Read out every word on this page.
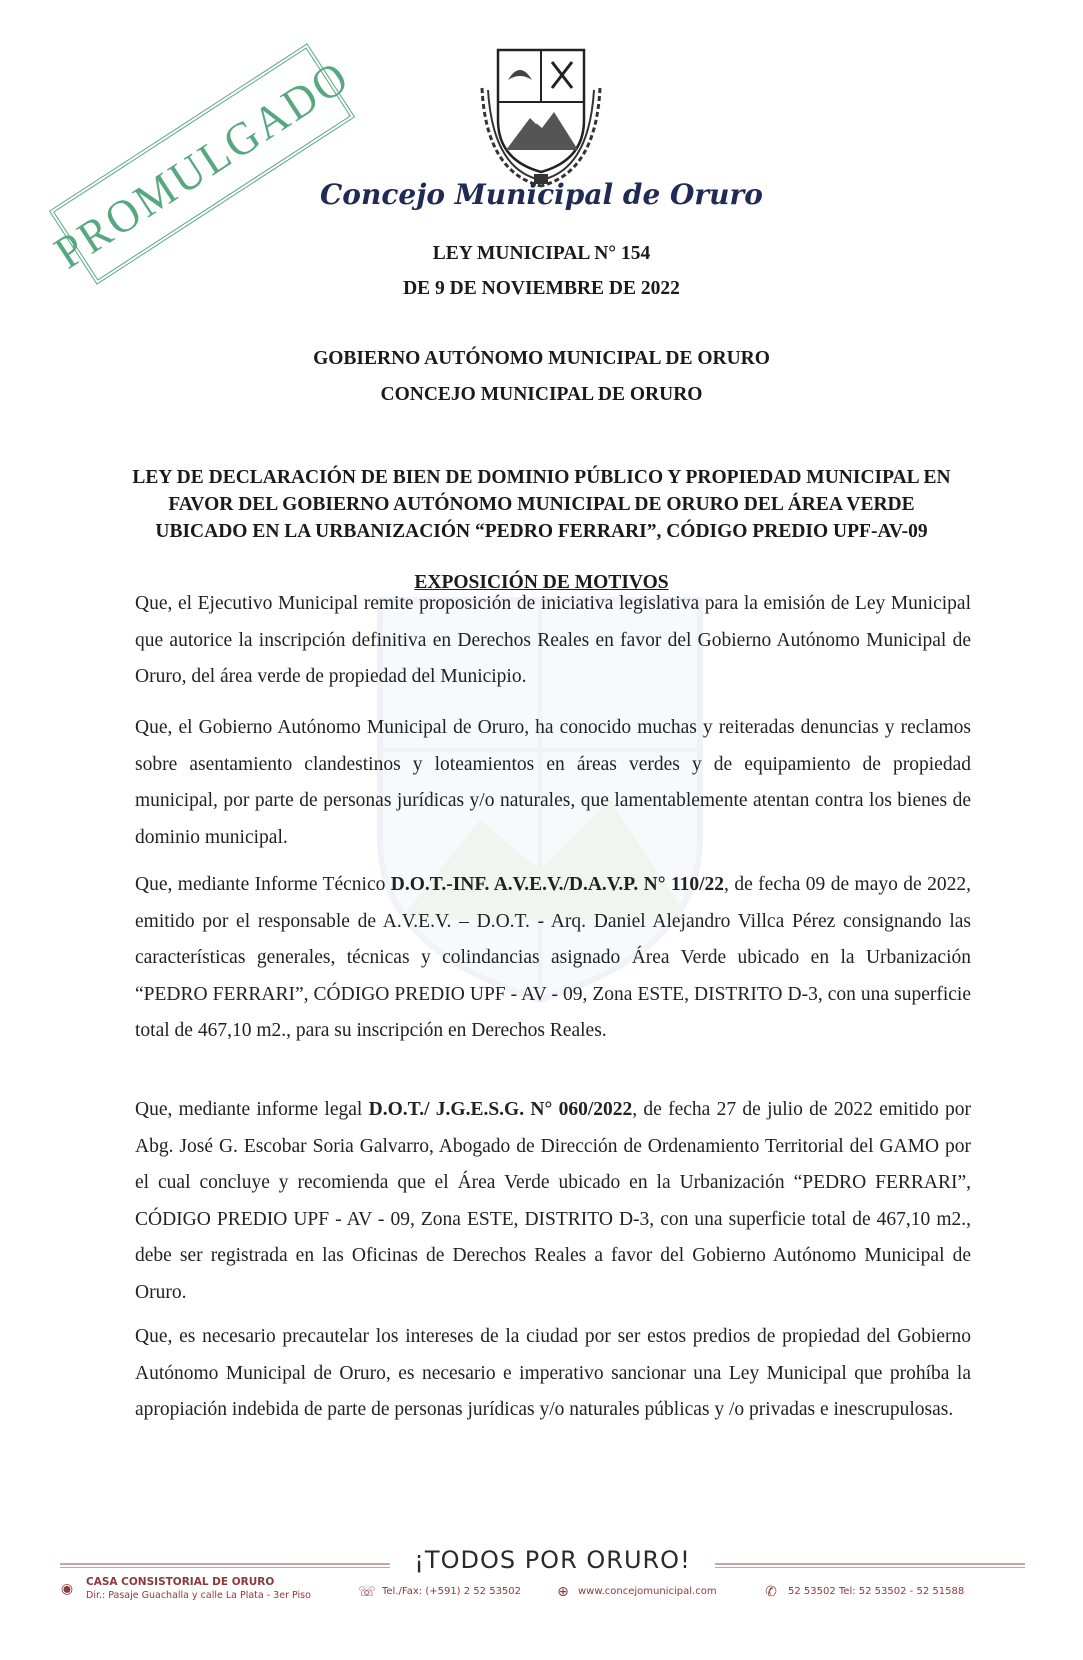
PROMULGADO
Concejo Municipal de Oruro
LEY MUNICIPAL N° 154
DE 9 DE NOVIEMBRE DE 2022
GOBIERNO AUTÓNOMO MUNICIPAL DE ORURO
CONCEJO MUNICIPAL DE ORURO
LEY DE DECLARACIÓN DE BIEN DE DOMINIO PÚBLICO Y PROPIEDAD MUNICIPAL EN
FAVOR DEL GOBIERNO AUTÓNOMO MUNICIPAL DE ORURO DEL ÁREA VERDE
UBICADO EN LA URBANIZACIÓN “PEDRO FERRARI”, CÓDIGO PREDIO UPF-AV-09
EXPOSICIÓN DE MOTIVOS
Que, el Ejecutivo Municipal remite proposición de iniciativa legislativa para la emisión de Ley Municipal que autorice la inscripción definitiva en Derechos Reales en favor del Gobierno Autónomo Municipal de Oruro, del área verde de propiedad del Municipio.
Que, el Gobierno Autónomo Municipal de Oruro, ha conocido muchas y reiteradas denuncias y reclamos sobre asentamiento clandestinos y loteamientos en áreas verdes y de equipamiento de propiedad municipal, por parte de personas jurídicas y/o naturales, que lamentablemente atentan contra los bienes de dominio municipal.
Que, mediante Informe Técnico D.O.T.-INF. A.V.E.V./D.A.V.P. N° 110/22, de fecha 09 de mayo de 2022, emitido por el responsable de A.V.E.V. – D.O.T. - Arq. Daniel Alejandro Villca Pérez consignando las características generales, técnicas y colindancias asignado Área Verde ubicado en la Urbanización “PEDRO FERRARI”, CÓDIGO PREDIO UPF - AV - 09, Zona ESTE, DISTRITO D-3, con una superficie total de 467,10 m2., para su inscripción en Derechos Reales.
Que, mediante informe legal D.O.T./ J.G.E.S.G. N° 060/2022, de fecha 27 de julio de 2022 emitido por Abg. José G. Escobar Soria Galvarro, Abogado de Dirección de Ordenamiento Territorial del GAMO por el cual concluye y recomienda que el Área Verde ubicado en la Urbanización “PEDRO FERRARI”, CÓDIGO PREDIO UPF - AV - 09, Zona ESTE, DISTRITO D-3, con una superficie total de 467,10 m2., debe ser registrada en las Oficinas de Derechos Reales a favor del Gobierno Autónomo Municipal de Oruro.
Que, es necesario precautelar los intereses de la ciudad por ser estos predios de propiedad del Gobierno Autónomo Municipal de Oruro, es necesario e imperativo sancionar una Ley Municipal que prohíba la apropiación indebida de parte de personas jurídicas y/o naturales públicas y /o privadas e inescrupulosas.
¡TODOS POR ORURO!
◉ CASA CONSISTORIAL DE ORURO
Dir.: Pasaje Guachalla y calle La Plata - 3er Piso	☏ Tel./Fax: (+591) 2 52 53502	⊕ www.concejomunicipal.com	✆	52 53502 Tel: 52 53502 - 52 51588
